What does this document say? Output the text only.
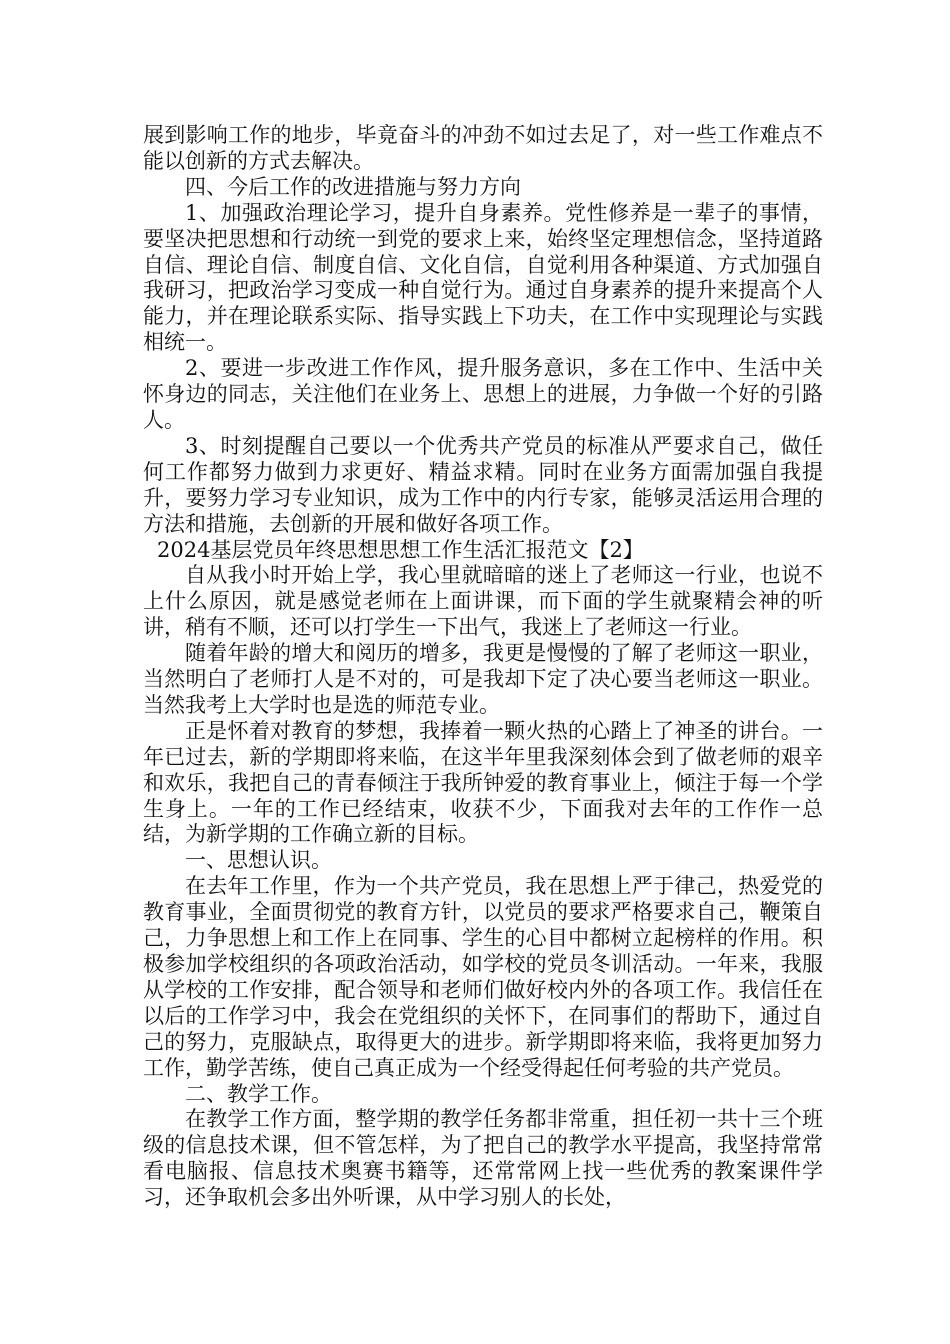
展到影响工作的地步，毕竟奋斗的冲劲不如过去足了，对一些工作难点不能以创新的方式去解决。

四、今后工作的改进措施与努力方向

1、加强政治理论学习，提升自身素养。党性修养是一辈子的事情，要坚决把思想和行动统一到党的要求上来，始终坚定理想信念，坚持道路自信、理论自信、制度自信、文化自信，自觉利用各种渠道、方式加强自我研习，把政治学习变成一种自觉行为。通过自身素养的提升来提高个人能力，并在理论联系实际、指导实践上下功夫，在工作中实现理论与实践相统一。

2、要进一步改进工作作风，提升服务意识，多在工作中、生活中关怀身边的同志，关注他们在业务上、思想上的进展，力争做一个好的引路人。

3、时刻提醒自己要以一个优秀共产党员的标准从严要求自己，做任何工作都努力做到力求更好、精益求精。同时在业务方面需加强自我提升，要努力学习专业知识，成为工作中的内行专家，能够灵活运用合理的方法和措施，去创新的开展和做好各项工作。

2024基层党员年终思想思想工作生活汇报范文【2】

自从我小时开始上学，我心里就暗暗的迷上了老师这一行业，也说不上什么原因，就是感觉老师在上面讲课，而下面的学生就聚精会神的听讲，稍有不顺，还可以打学生一下出气，我迷上了老师这一行业。

随着年龄的增大和阅历的增多，我更是慢慢的了解了老师这一职业，当然明白了老师打人是不对的，可是我却下定了决心要当老师这一职业。当然我考上大学时也是选的师范专业。

正是怀着对教育的梦想，我捧着一颗火热的心踏上了神圣的讲台。一年已过去，新的学期即将来临，在这半年里我深刻体会到了做老师的艰辛和欢乐，我把自己的青春倾注于我所钟爱的教育事业上，倾注于每一个学生身上。一年的工作已经结束，收获不少，下面我对去年的工作作一总结，为新学期的工作确立新的目标。

一、思想认识。

在去年工作里，作为一个共产党员，我在思想上严于律己，热爱党的教育事业，全面贯彻党的教育方针，以党员的要求严格要求自己，鞭策自己，力争思想上和工作上在同事、学生的心目中都树立起榜样的作用。积极参加学校组织的各项政治活动，如学校的党员冬训活动。一年来，我服从学校的工作安排，配合领导和老师们做好校内外的各项工作。我信任在以后的工作学习中，我会在党组织的关怀下，在同事们的帮助下，通过自己的努力，克服缺点，取得更大的进步。新学期即将来临，我将更加努力工作，勤学苦练，使自己真正成为一个经受得起任何考验的共产党员。

二、教学工作。

在教学工作方面，整学期的教学任务都非常重，担任初一共十三个班级的信息技术课，但不管怎样，为了把自己的教学水平提高，我坚持常常看电脑报、信息技术奥赛书籍等，还常常网上找一些优秀的教案课件学习，还争取机会多出外听课，从中学习别人的长处，
